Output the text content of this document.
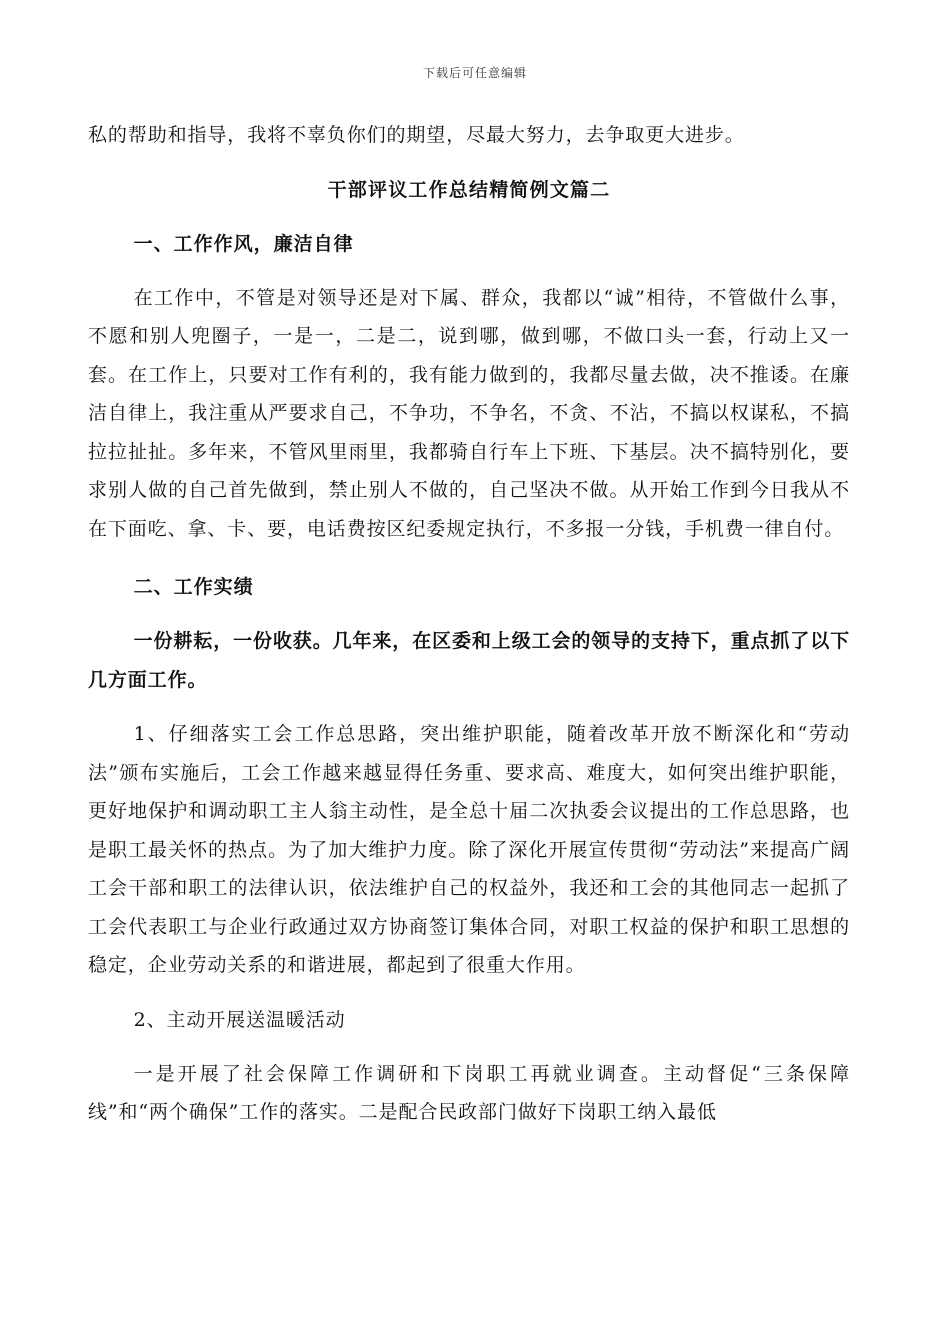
下载后可任意编辑

私的帮助和指导，我将不辜负你们的期望，尽最大努力，去争取更大进步。

干部评议工作总结精简例文篇二

一、工作作风，廉洁自律

在工作中，不管是对领导还是对下属、群众，我都以“诚”相待，不管做什么事，不愿和别人兜圈子，一是一，二是二，说到哪，做到哪，不做口头一套，行动上又一套。在工作上，只要对工作有利的，我有能力做到的，我都尽量去做，决不推诿。在廉洁自律上，我注重从严要求自己，不争功，不争名，不贪、不沾，不搞以权谋私，不搞拉拉扯扯。多年来，不管风里雨里，我都骑自行车上下班、下基层。决不搞特别化，要求别人做的自己首先做到，禁止别人不做的，自己坚决不做。从开始工作到今日我从不在下面吃、拿、卡、要，电话费按区纪委规定执行，不多报一分钱，手机费一律自付。

二、工作实绩

一份耕耘，一份收获。几年来，在区委和上级工会的领导的支持下，重点抓了以下几方面工作。

1、仔细落实工会工作总思路，突出维护职能，随着改革开放不断深化和“劳动法”颁布实施后，工会工作越来越显得任务重、要求高、难度大，如何突出维护职能，更好地保护和调动职工主人翁主动性，是全总十届二次执委会议提出的工作总思路，也是职工最关怀的热点。为了加大维护力度。除了深化开展宣传贯彻“劳动法”来提高广阔工会干部和职工的法律认识，依法维护自己的权益外，我还和工会的其他同志一起抓了工会代表职工与企业行政通过双方协商签订集体合同，对职工权益的保护和职工思想的稳定，企业劳动关系的和谐进展，都起到了很重大作用。

2、主动开展送温暖活动

一是开展了社会保障工作调研和下岗职工再就业调查。主动督促“三条保障线”和“两个确保”工作的落实。二是配合民政部门做好下岗职工纳入最低
